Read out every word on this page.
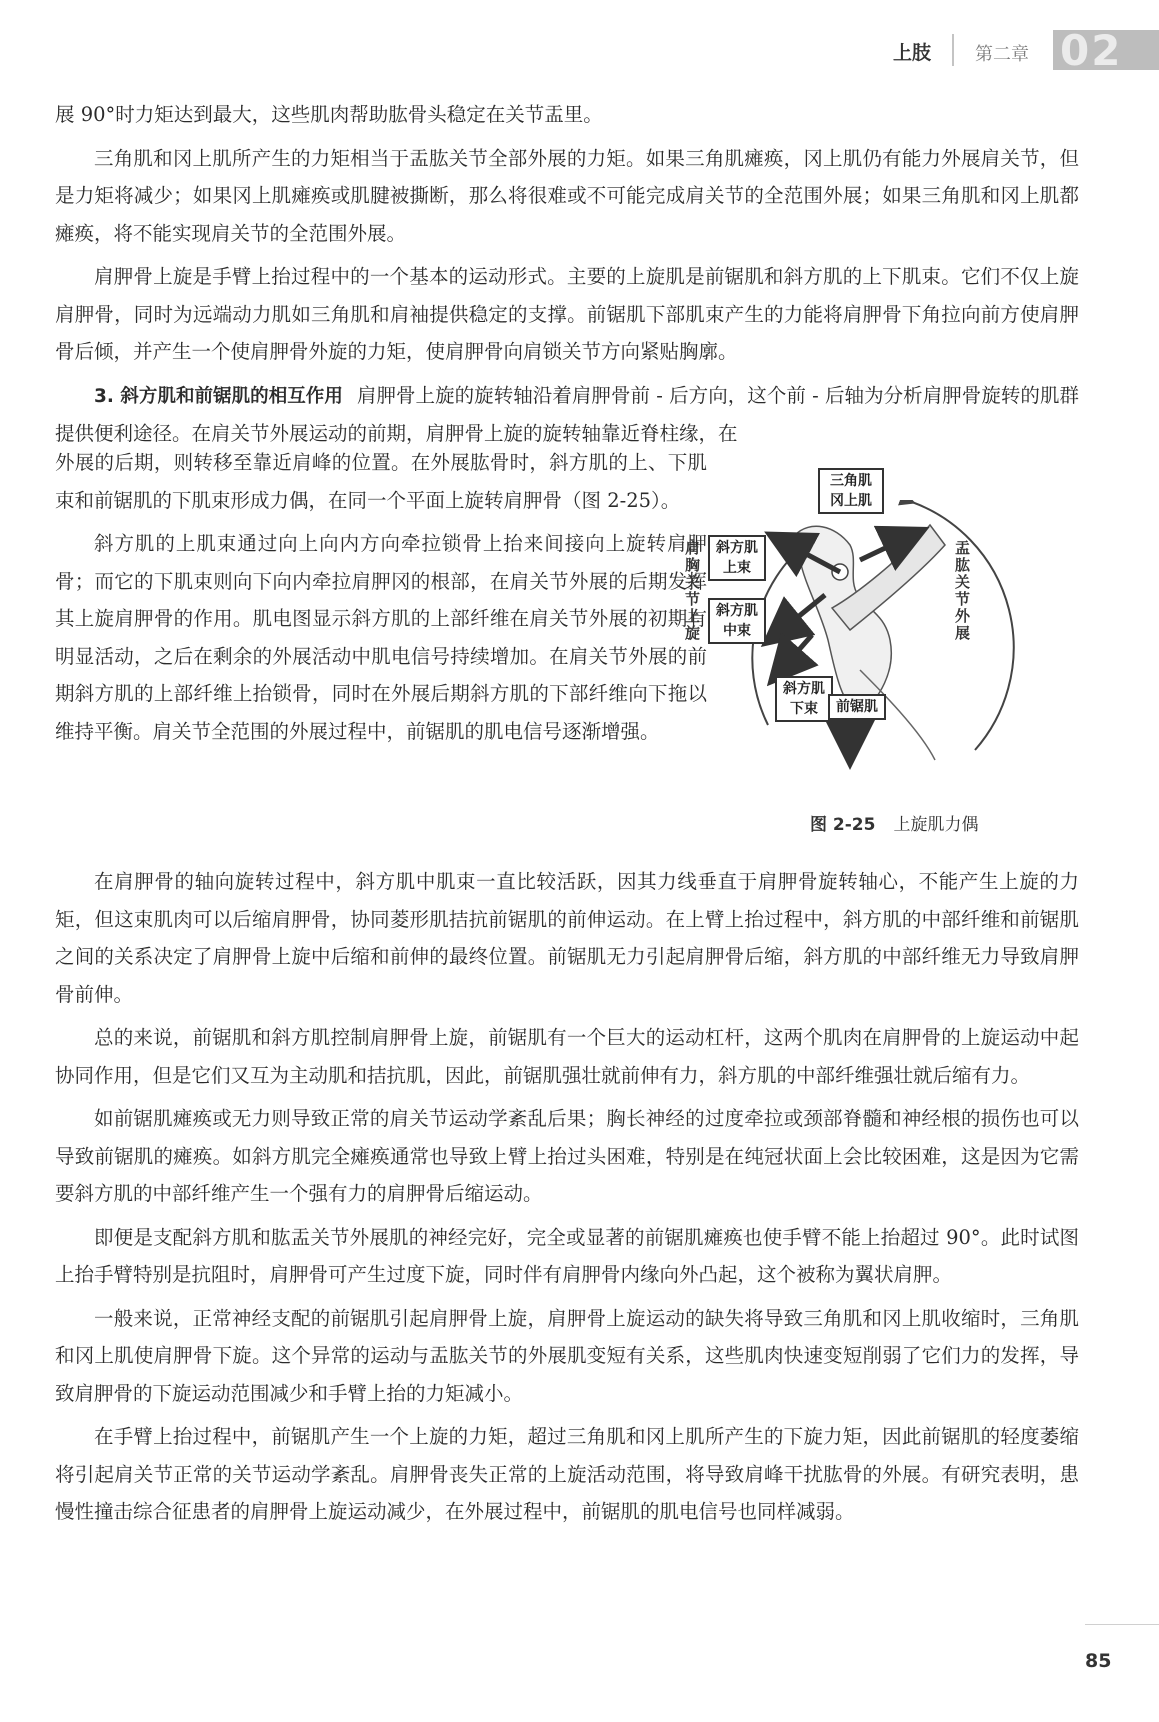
上肢 第二章 02

展 90°时力矩达到最大，这些肌肉帮助肱骨头稳定在关节盂里。

三角肌和冈上肌所产生的力矩相当于盂肱关节全部外展的力矩。如果三角肌瘫痪，冈上肌仍有能力外展肩关节，但是力矩将减少；如果冈上肌瘫痪或肌腱被撕断，那么将很难或不可能完成肩关节的全范围外展；如果三角肌和冈上肌都瘫痪，将不能实现肩关节的全范围外展。

肩胛骨上旋是手臂上抬过程中的一个基本的运动形式。主要的上旋肌是前锯肌和斜方肌的上下肌束。它们不仅上旋肩胛骨，同时为远端动力肌如三角肌和肩袖提供稳定的支撑。前锯肌下部肌束产生的力能将肩胛骨下角拉向前方使肩胛骨后倾，并产生一个使肩胛骨外旋的力矩，使肩胛骨向肩锁关节方向紧贴胸廓。

3. 斜方肌和前锯肌的相互作用 肩胛骨上旋的旋转轴沿着肩胛骨前 - 后方向，这个前 - 后轴为分析肩胛骨旋转的肌群提供便利途径。在肩关节外展运动的前期，肩胛骨上旋的旋转轴靠近脊柱缘，在

外展的后期，则转移至靠近肩峰的位置。在外展肱骨时，斜方肌的上、下肌束和前锯肌的下肌束形成力偶，在同一个平面上旋转肩胛骨（图 2-25）。

斜方肌的上肌束通过向上向内方向牵拉锁骨上抬来间接向上旋转肩胛骨；而它的下肌束则向下向内牵拉肩胛冈的根部，在肩关节外展的后期发挥其上旋肩胛骨的作用。肌电图显示斜方肌的上部纤维在肩关节外展的初期有明显活动，之后在剩余的外展活动中肌电信号持续增加。在肩关节外展的前期斜方肌的上部纤维上抬锁骨，同时在外展后期斜方肌的下部纤维向下拖以维持平衡。肩关节全范围的外展过程中，前锯肌的肌电信号逐渐增强。

三角肌 冈上肌
斜方肌 上束
斜方肌 中束
斜方肌 下束	前锯肌
肩胸关节上旋	盂肱关节外展
图 2-25 上旋肌力偶

在肩胛骨的轴向旋转过程中，斜方肌中肌束一直比较活跃，因其力线垂直于肩胛骨旋转轴心，不能产生上旋的力矩，但这束肌肉可以后缩肩胛骨，协同菱形肌拮抗前锯肌的前伸运动。在上臂上抬过程中，斜方肌的中部纤维和前锯肌之间的关系决定了肩胛骨上旋中后缩和前伸的最终位置。前锯肌无力引起肩胛骨后缩，斜方肌的中部纤维无力导致肩胛骨前伸。

总的来说，前锯肌和斜方肌控制肩胛骨上旋，前锯肌有一个巨大的运动杠杆，这两个肌肉在肩胛骨的上旋运动中起协同作用，但是它们又互为主动肌和拮抗肌，因此，前锯肌强壮就前伸有力，斜方肌的中部纤维强壮就后缩有力。

如前锯肌瘫痪或无力则导致正常的肩关节运动学紊乱后果；胸长神经的过度牵拉或颈部脊髓和神经根的损伤也可以导致前锯肌的瘫痪。如斜方肌完全瘫痪通常也导致上臂上抬过头困难，特别是在纯冠状面上会比较困难，这是因为它需要斜方肌的中部纤维产生一个强有力的肩胛骨后缩运动。

即便是支配斜方肌和肱盂关节外展肌的神经完好，完全或显著的前锯肌瘫痪也使手臂不能上抬超过 90°。此时试图上抬手臂特别是抗阻时，肩胛骨可产生过度下旋，同时伴有肩胛骨内缘向外凸起，这个被称为翼状肩胛。

一般来说，正常神经支配的前锯肌引起肩胛骨上旋，肩胛骨上旋运动的缺失将导致三角肌和冈上肌收缩时，三角肌和冈上肌使肩胛骨下旋。这个异常的运动与盂肱关节的外展肌变短有关系，这些肌肉快速变短削弱了它们力的发挥，导致肩胛骨的下旋运动范围减少和手臂上抬的力矩减小。

在手臂上抬过程中，前锯肌产生一个上旋的力矩，超过三角肌和冈上肌所产生的下旋力矩，因此前锯肌的轻度萎缩将引起肩关节正常的关节运动学紊乱。肩胛骨丧失正常的上旋活动范围，将导致肩峰干扰肱骨的外展。有研究表明，患慢性撞击综合征患者的肩胛骨上旋运动减少，在外展过程中，前锯肌的肌电信号也同样减弱。

85
